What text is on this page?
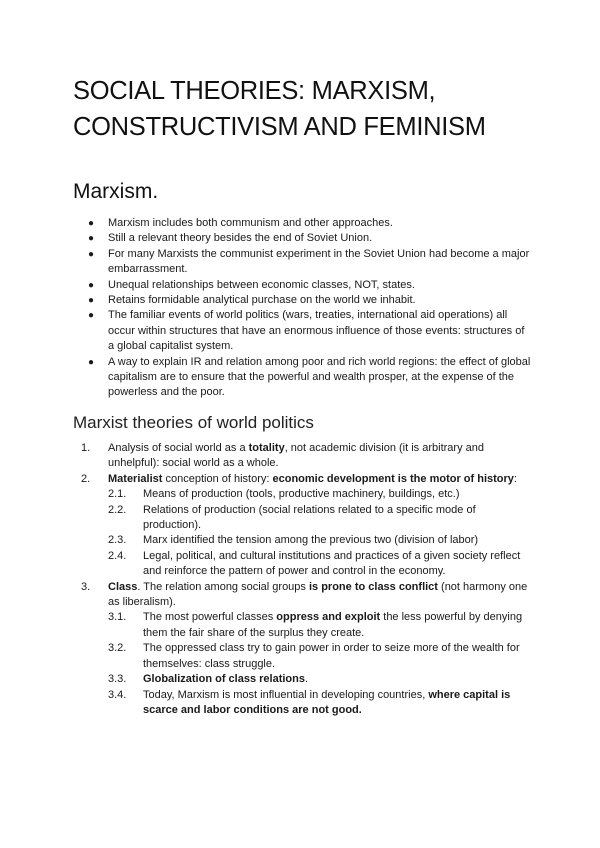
SOCIAL THEORIES: MARXISM,
CONSTRUCTIVISM AND FEMINISM
Marxism.
● Marxism includes both communism and other approaches.
● Still a relevant theory besides the end of Soviet Union.
● For many Marxists the communist experiment in the Soviet Union had become a major embarrassment.
● Unequal relationships between economic classes, NOT, states.
● Retains formidable analytical purchase on the world we inhabit.
● The familiar events of world politics (wars, treaties, international aid operations) all occur within structures that have an enormous influence of those events: structures of a global capitalist system.
● A way to explain IR and relation among poor and rich world regions: the effect of global capitalism are to ensure that the powerful and wealth prosper, at the expense of the powerless and the poor.
Marxist theories of world politics
1.	Analysis of social world as a totality, not academic division (it is arbitrary and unhelpful): social world as a whole.
2.	Materialist conception of history: economic development is the motor of history:
2.1.	Means of production (tools, productive machinery, buildings, etc.)
2.2.	Relations of production (social relations related to a specific mode of production).
2.3.	Marx identified the tension among the previous two (division of labor)
2.4.	Legal, political, and cultural institutions and practices of a given society reflect and reinforce the pattern of power and control in the economy.
3.	Class. The relation among social groups is prone to class conflict (not harmony one as liberalism).
3.1.	The most powerful classes oppress and exploit the less powerful by denying them the fair share of the surplus they create.
3.2.	The oppressed class try to gain power in order to seize more of the wealth for themselves: class struggle.
3.3.	Globalization of class relations.
3.4.	Today, Marxism is most influential in developing countries, where capital is scarce and labor conditions are not good.
